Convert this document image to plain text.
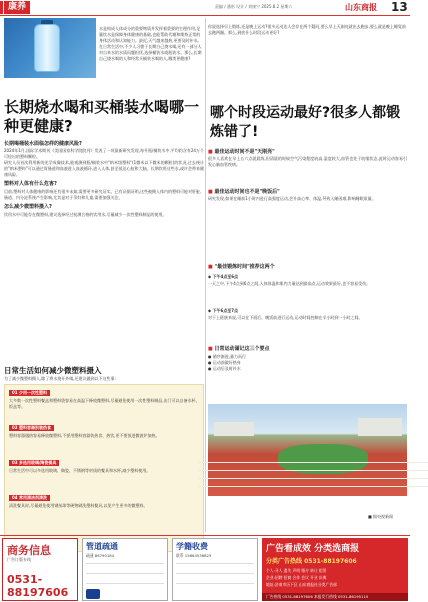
康养	责编 / 潘彤 设计 / 刘康宁 2025.8.2 星期六	山东商报 13

水是构成人体成分的重要物质并发挥着重要的生理作用,足量饮水是保障身体健康的基础,也能帮助代谢和维持正常的身体活动和认知能力。最近,天气越来越热,更要及时补水。

在日常生活中,不少人习惯于长期白己烧水喝,还有一部分人对自来水的水质问题担忧,选择桶装水或瓶装水。那么,长期自己烧水喝的人和经常买桶装水喝的人,哪类更健康?

长期烧水喝和买桶装水喝哪一种更健康?
长期喝桶装水面临怎样的健康风险?

2024年1月,国际学术期刊《美国国家科学院院刊》发表了一项最新研究发现,每升瓶/桶装水中,平均约含有24万个可检出的塑料颗粒。

研究人员首次利用新的光学成像技术,能观测到瓶/桶装水中"纳米级塑料"(1微米以下微米的颗粒)的状况,过去统计的"纳米塑料"可以通过胃肠道和血液进入血液循环,进入人体,甚至抵达心脏和大脑。长期饮用这些水,或许会带来健康风险。

塑料对人体有什么危害?

目前,塑料对人体健康的影响还有很多未知,需要更多研究证实。已有证据证明,这些被摄入体内的塑料可能对肝脏、肠道、内分泌系统产生影响,尤其是对于孕妇和儿童,需要加强关注。

怎么减少微塑料摄入?

饮用水中可能存在微塑料,建议选择经过检测合格的饮用水,尽量减少一次性塑料制品的使用。

日常生活如何减少微塑料摄入
为了减少微塑料摄入,除了将水烧开外喝,还建议做到以下这些事:
01 少用一次性塑料
大多数一次性塑料餐盒和塑料袋容易在高温下释放微塑料,尽量避免使用一次性塑料制品,出门可以自备水杯、饭盒等。
02 塑料容器别装热食
塑料容器遇热容易释放微塑料,不要用塑料容器装热食、热饮,更不要放进微波炉加热。
03 多选用玻璃/陶瓷餐具
日常生活中可以多选用玻璃、陶瓷、不锈钢等材质的餐具和水杯,减少塑料使用。
04 常用清洁剂清洗
清洗餐具时,尽量避免使用钢丝球等硬物刷洗塑料餐具,以免产生更多的微塑料。
你说选择早上锻炼,还是晚上运动?很多运动达人会存在两个疑问,要么早上天刚亮就出去跑步,要么就是晚上睡觉前去跑两圈。那么,到底什么时段运动更好?
哪个时段运动最好?很多人都锻炼错了!
■ 最佳运动时间不是"天刚亮"
很多人喜欢在早上五六点就晨练,但清晨的时候空气污染程度较高,湿度较大,血管也处于收缩状态,此时运动容易引发心脑血管疾病。
■ 最佳运动时间也不是"晚饭后"
研究发现,如果在睡前1小时内进行高强度运动,会升高心率、体温,导致入睡困难,影响睡眠质量。
■ "最佳锻炼时间"推荐这两个
◆ 下午4点至6点
一天之中,下午4点到6点之间,人体体温和肌肉力量达到最高点,运动效果最好,也不容易受伤。
◆ 下午6点至7点
对于上班族来说,可以在下班后、晚饭前进行运动,运动时间控制在半小时到一小时之间。
■ 日常运动谨记这三个要点

● 循序渐进,量力而行

● 运动前做好热身

● 运动后及时补水

■ 据央视新闻
商务信息
广告订版专线
0531-88197606
管道疏通
疏通 86790184
学籍收费
联系 15864536825
广告看成效 分类选商报
分类广告热线 0531-88197606
个人:寻人 遗失 声明 婚介 转让 租赁
企业:招聘 招商 合作 会议 开业 庆典
地址:济南市历下区 山东商报社分类广告部
广告热线 0531-88197606 本报发行热线 0531-86195110
